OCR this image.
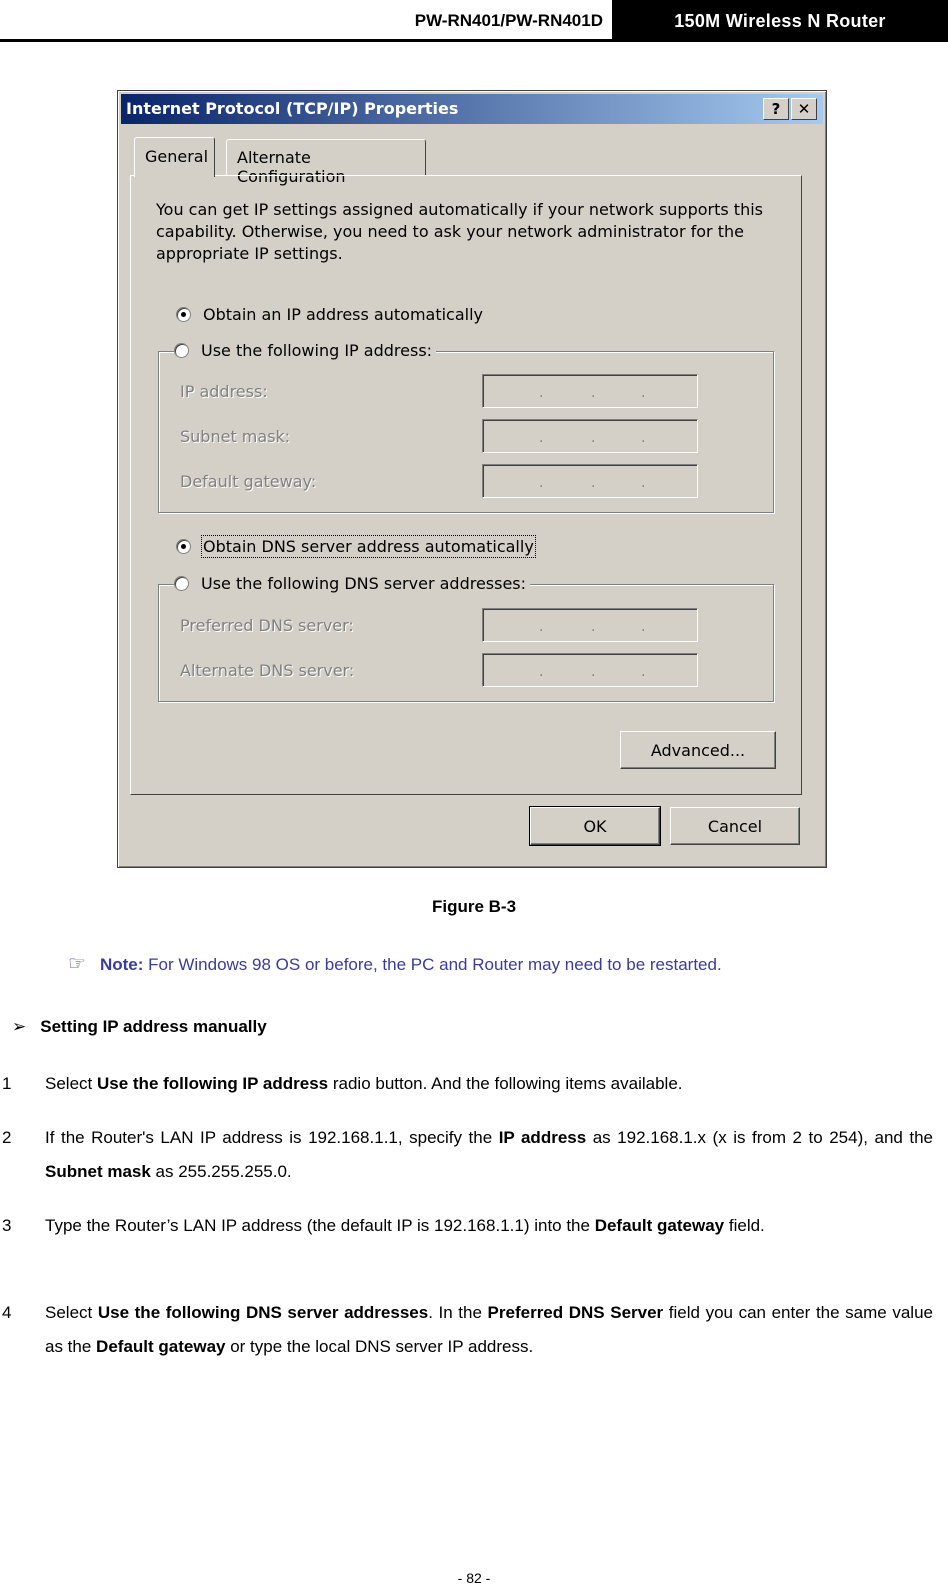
PW-RN401/PW-RN401D	150M Wireless N Router
Internet Protocol (TCP/IP) Properties	?	✕
General	Alternate Configuration
You can get IP settings assigned automatically if your network supports this capability. Otherwise, you need to ask your network administrator for the appropriate IP settings.
Obtain an IP address automatically
Use the following IP address:
IP address:	.	.	.
Subnet mask:	.	.	.
Default gateway:	.	.	.
Obtain DNS server address automatically
Use the following DNS server addresses:
Preferred DNS server:	.	.	.
Alternate DNS server:	.	.	.
Advanced...
OK	Cancel
Figure B-3
☞ Note: For Windows 98 OS or before, the PC and Router may need to be restarted.
➢ Setting IP address manually
1 Select Use the following IP address radio button. And the following items available.
2 If the Router's LAN IP address is 192.168.1.1, specify the IP address as 192.168.1.x (x is from 2 to 254), and the Subnet mask as 255.255.255.0.
3 Type the Router’s LAN IP address (the default IP is 192.168.1.1) into the Default gateway field.
4 Select Use the following DNS server addresses. In the Preferred DNS Server field you can enter the same value as the Default gateway or type the local DNS server IP address.
- 82 -
